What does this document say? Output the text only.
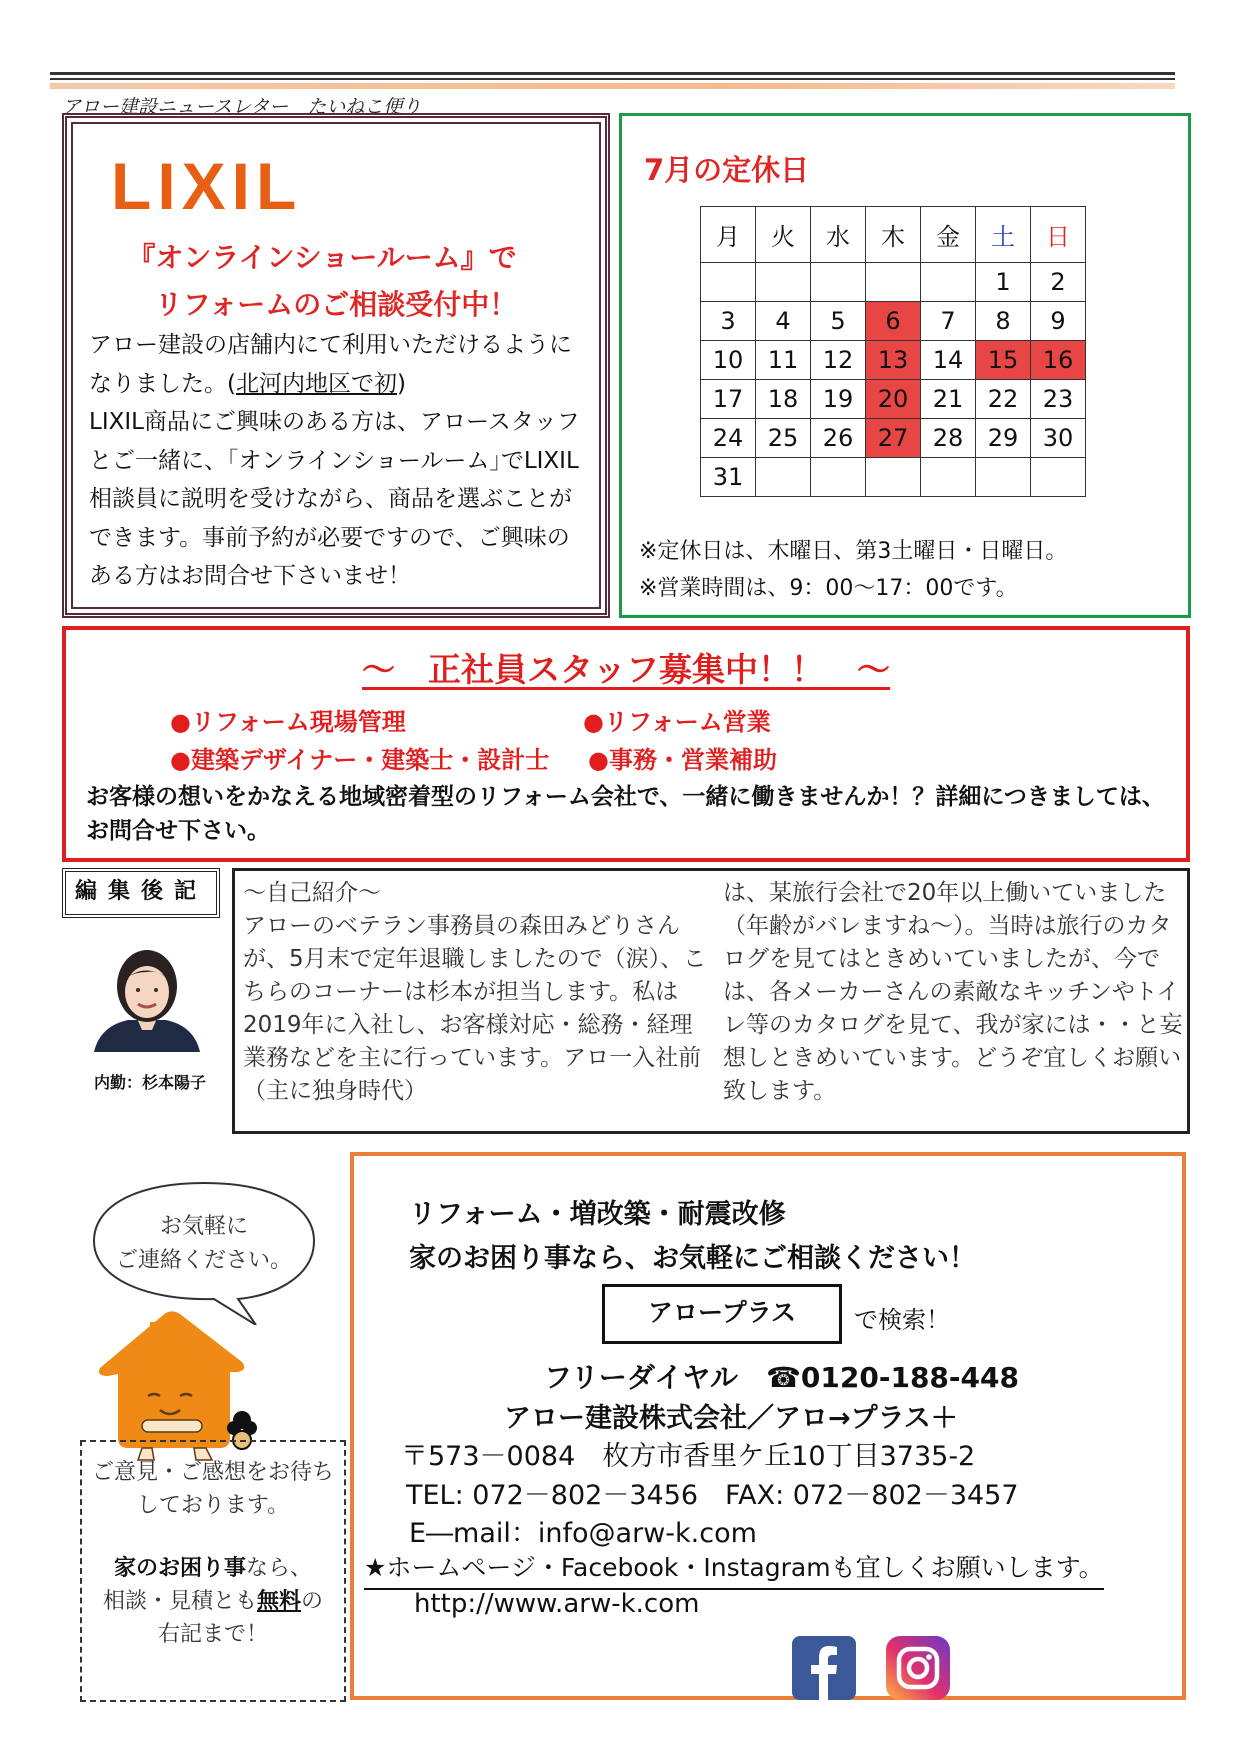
アロー建設ニュースレター　たいねこ便り
LIXIL
『オンラインショールーム』で
リフォームのご相談受付中！
アロー建設の店舗内にて利用いただけるようになりました。(北河内地区で初)
LIXIL商品にご興味のある方は、アロースタッフとご一緒に、｢オンラインショールーム｣でLIXIL相談員に説明を受けながら、商品を選ぶことができます。事前予約が必要ですので、ご興味のある方はお問合せ下さいませ！
7月の定休日
月	火	水	木	金	土	日
					1	2
3	4	5	6	7	8	9
10	11	12	13	14	15	16
17	18	19	20	21	22	23
24	25	26	27	28	29	30
31						
※定休日は、木曜日、第3土曜日・日曜日。
※営業時間は、9：00～17：00です。
～　正社員スタッフ募集中！！　～
●リフォーム現場管理	●リフォーム営業
●建築デザイナー・建築士・設計士 ●事務・営業補助
お客様の想いをかなえる地域密着型のリフォーム会社で、一緒に働きませんか！？詳細につきましては、お問合せ下さい。
編集後記
内勤：杉本陽子
～自己紹介～
アローのベテラン事務員の森田みどりさんが、5月末で定年退職しましたので（涙）、こちらのコーナーは杉本が担当します。私は2019年に入社し、お客様対応・総務・経理業務などを主に行っています。アロ一入社前（主に独身時代）
は、某旅行会社で20年以上働いていました（年齢がバレますね～）。当時は旅行のカタログを見てはときめいていましたが、今では、各メーカーさんの素敵なキッチンやトイレ等のカタログを見て、我が家には・・と妄想しときめいています。どうぞ宜しくお願い致します。
お気軽に
ご連絡ください。
ご意見・ご感想をお待ちしております。
家のお困り事なら、
相談・見積とも無料の
右記まで！
リフォーム・増改築・耐震改修
家のお困り事なら、お気軽にご相談ください！
アロープラス	で検索！
フリーダイヤル　☎0120-188-448
アロー建設株式会社／アロ→プラス＋
〒573－0084　枚方市香里ケ丘10丁目3735-2
TEL: 072－802－3456　FAX: 072－802－3457
E―mail：info@arw-k.com
★ホームページ・Facebook・Instagramも宜しくお願いします。
http://www.arw-k.com
